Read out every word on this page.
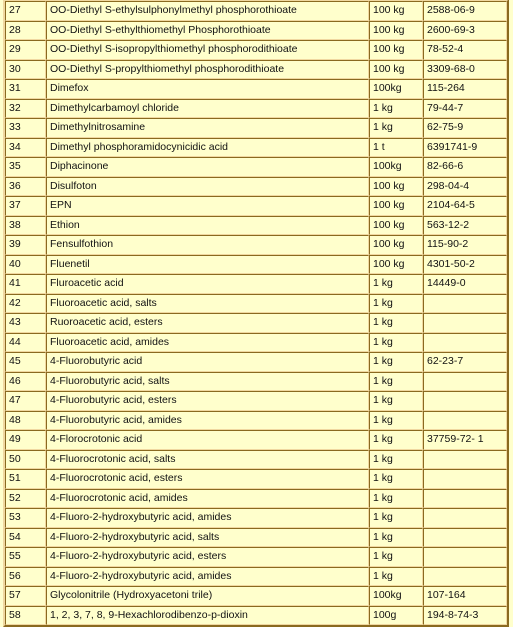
27	OO-Diethyl S-ethylsulphonylmethyl phosphorothioate	100 kg	2588-06-9
28	OO-Diethyl S-ethylthiomethyl Phosphorothioate	100 kg	2600-69-3
29	OO-Diethyl S-isopropylthiomethyl phosphorodithioate	100 kg	78-52-4
30	OO-Diethyl S-propylthiomethyl phosphorodithioate	100 kg	3309-68-0
31	Dimefox	100kg	115-264
32	Dimethylcarbamoyl chloride	1 kg	79-44-7
33	Dimethylnitrosamine	1 kg	62-75-9
34	Dimethyl phosphoramidocynicidic acid	1 t	6391741-9
35	Diphacinone	100kg	82-66-6
36	Disulfoton	100 kg	298-04-4
37	EPN	100 kg	2104-64-5
38	Ethion	100 kg	563-12-2
39	Fensulfothion	100 kg	115-90-2
40	Fluenetil	100 kg	4301-50-2
41	Fluroacetic acid	1 kg	14449-0
42	Fluoroacetic acid, salts	1 kg	
43	Ruoroacetic acid, esters	1 kg	
44	Fluoroacetic acid, amides	1 kg	
45	4-Fluorobutyric acid	1 kg	62-23-7
46	4-Fluorobutyric acid, salts	1 kg	
47	4-Fluorobutyric acid, esters	1 kg	
48	4-Fluorobutyric acid, amides	1 kg	
49	4-Florocrotonic acid	1 kg	37759-72- 1
50	4-Fluorocrotonic acid, salts	1 kg	
51	4-Fluorocrotonic acid, esters	1 kg	
52	4-Fluorocrotonic acid, amides	1 kg	
53	4-Fluoro-2-hydroxybutyric acid, amides	1 kg	
54	4-Fluoro-2-hydroxybutyric acid, salts	1 kg	
55	4-Fluoro-2-hydroxybutyric acid, esters	1 kg	
56	4-Fluoro-2-hydroxybutyric acid, amides	1 kg	
57	Glycolonitrile (Hydroxyacetoni trile)	100kg	107-164
58	1, 2, 3, 7, 8, 9-Hexachlorodibenzo-p-dioxin	100g	194-8-74-3
